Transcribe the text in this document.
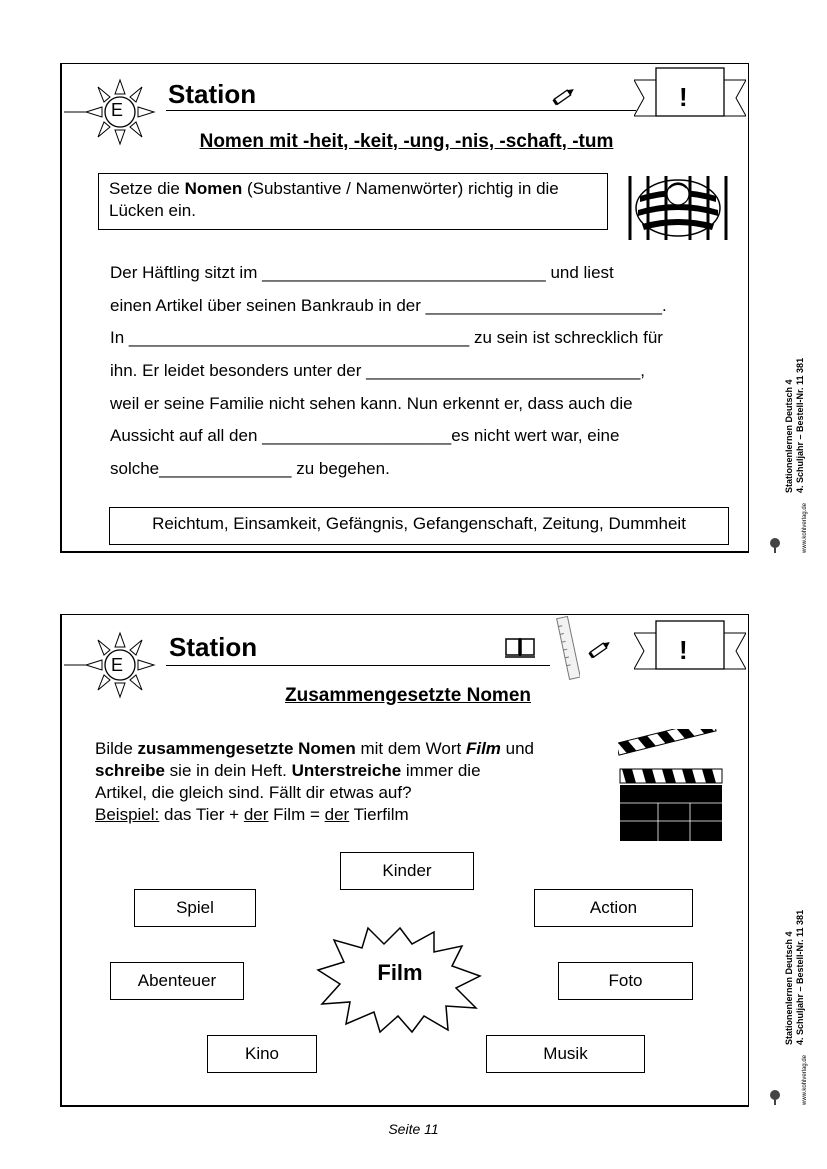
E
Station	!
Nomen mit -heit, -keit, -ung, -nis, -schaft, -tum
Setze die Nomen (Substantive / Namenwörter) richtig in die Lücken ein.
Der Häftling sitzt im ______________________________ und liest
einen Artikel über seinen Bankraub in der _________________________.
In ____________________________________ zu sein ist schrecklich für
ihn. Er leidet besonders unter der _____________________________,
weil er seine Familie nicht sehen kann. Nun erkennt er, dass auch die
Aussicht auf all den ____________________es nicht wert war, eine
solche______________ zu begehen.
Reichtum, Einsamkeit, Gefängnis, Gefangenschaft, Zeitung, Dummheit
E
Station	!
Zusammengesetzte Nomen
Bilde zusammengesetzte Nomen mit dem Wort Film und
schreibe sie in dein Heft. Unterstreiche immer die
Artikel, die gleich sind. Fällt dir etwas auf?
Beispiel: das Tier + der Film = der Tierfilm
Kinder
Spiel	Action
Abenteuer	Foto
Kino	Musik
Film
Stationenlernen Deutsch 4 4. Schuljahr – Bestell-Nr. 11 381
www.kohlverlag.de
Stationenlernen Deutsch 4 4. Schuljahr – Bestell-Nr. 11 381
www.kohlverlag.de
Seite 11
